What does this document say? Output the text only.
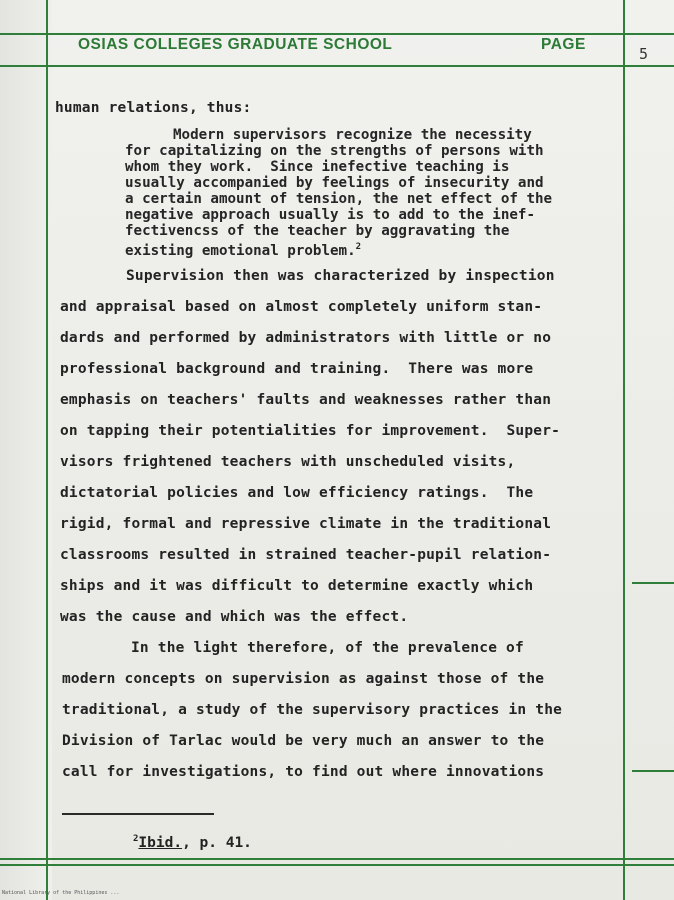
OSIAS COLLEGES GRADUATE SCHOOL	PAGE
5
human relations, thus:
Modern supervisors recognize the necessity
for capitalizing on the strengths of persons with
whom they work.  Since inefective teaching is
usually accompanied by feelings of insecurity and
a certain amount of tension, the net effect of the
negative approach usually is to add to the inef-
fectivencss of the teacher by aggravating the
existing emotional problem.$^2$
Supervision then was characterized by inspection
and appraisal based on almost completely uniform stan-
dards and performed by administrators with little or no
professional background and training.  There was more
emphasis on teachers' faults and weaknesses rather than
on tapping their potentialities for improvement.  Super-
visors frightened teachers with unscheduled visits,
dictatorial policies and low efficiency ratings.  The
rigid, formal and repressive climate in the traditional
classrooms resulted in strained teacher-pupil relation-
ships and it was difficult to determine exactly which
was the cause and which was the effect.
In the light therefore, of the prevalence of
modern concepts on supervision as against those of the
traditional, a study of the supervisory practices in the
Division of Tarlac would be very much an answer to the
call for investigations, to find out where innovations
$^2$Ibid., p. 41.
National Library of the Philippines ...
